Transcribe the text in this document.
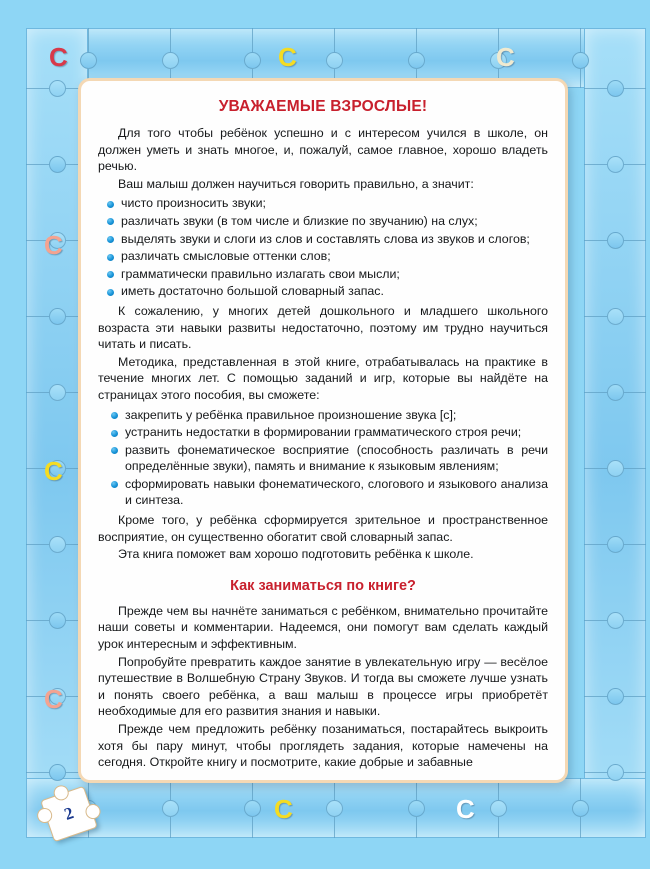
С	С	С
С
С
С
С	С
УВАЖАЕМЫЕ ВЗРОСЛЫЕ!

Для того чтобы ребёнок успешно и с интересом учился в школе, он должен уметь и знать многое, и, пожалуй, самое главное, хорошо владеть речью.

Ваш малыш должен научиться говорить правильно, а значит:

чисто произносить звуки;
различать звуки (в том числе и близкие по звучанию) на слух;
выделять звуки и слоги из слов и составлять слова из звуков и слогов;
различать смысловые оттенки слов;
грамматически правильно излагать свои мысли;
иметь достаточно большой словарный запас.

К сожалению, у многих детей дошкольного и младшего школьного возраста эти навыки развиты недостаточно, поэтому им трудно научиться читать и писать.

Методика, представленная в этой книге, отрабатывалась на практике в течение многих лет. С помощью заданий и игр, которые вы найдёте на страницах этого пособия, вы сможете:

закрепить у ребёнка правильное произношение звука [с];
устранить недостатки в формировании грамматического строя речи;
развить фонематическое восприятие (способность различать в речи определённые звуки), память и внимание к языковым явлениям;
сформировать навыки фонематического, слогового и языкового анализа и синтеза.

Кроме того, у ребёнка сформируется зрительное и пространственное восприятие, он существенно обогатит свой словарный запас.

Эта книга поможет вам хорошо подготовить ребёнка к школе.

Как заниматься по книге?

Прежде чем вы начнёте заниматься с ребёнком, внимательно прочитайте наши советы и комментарии. Надеемся, они помогут вам сделать каждый урок интересным и эффективным.

Попробуйте превратить каждое занятие в увлекательную игру — весёлое путешествие в Волшебную Страну Звуков. И тогда вы сможете лучше узнать и понять своего ребёнка, а ваш малыш в процессе игры приобретёт необходимые для его развития знания и навыки.

Прежде чем предложить ребёнку позаниматься, постарайтесь выкроить хотя бы пару минут, чтобы проглядеть задания, которые намечены на сегодня. Откройте книгу и посмотрите, какие добрые и забавные

2
